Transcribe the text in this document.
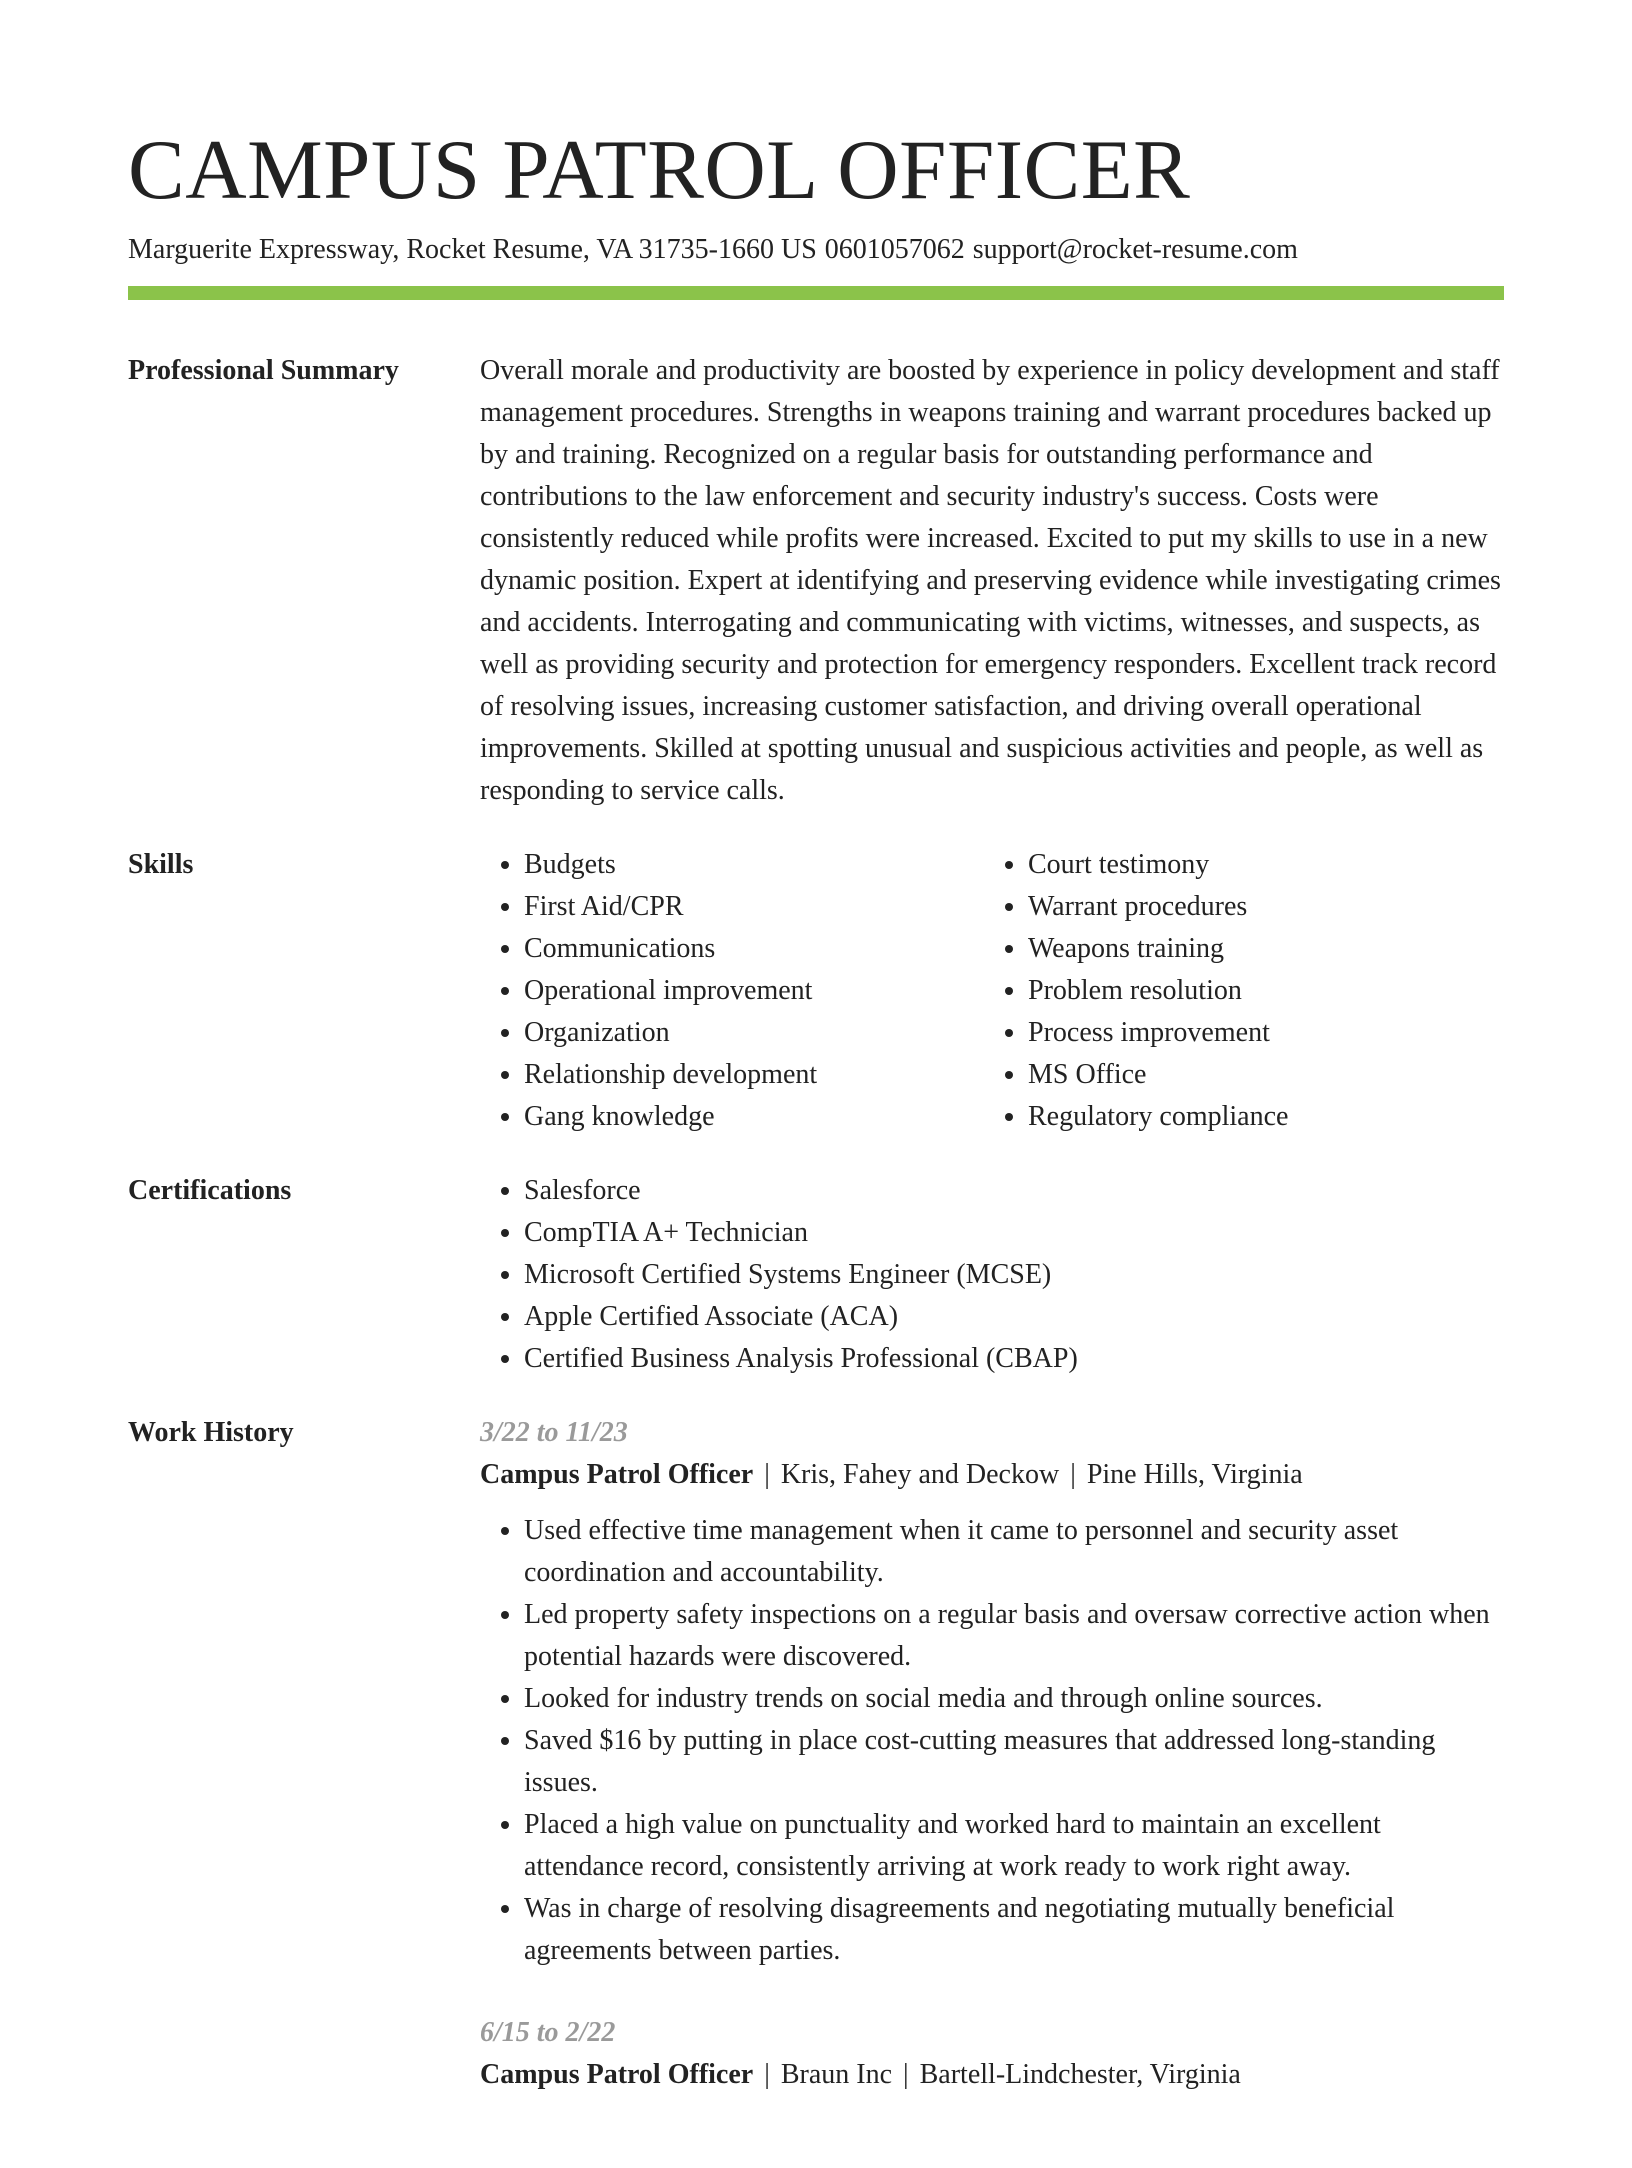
CAMPUS PATROL OFFICER
Marguerite Expressway, Rocket Resume, VA 31735-1660 US 0601057062 support@rocket-resume.com
Professional Summary	Overall morale and productivity are boosted by experience in policy development and staff management procedures. Strengths in weapons training and warrant procedures backed up by and training. Recognized on a regular basis for outstanding performance and contributions to the law enforcement and security industry's success. Costs were consistently reduced while profits were increased. Excited to put my skills to use in a new dynamic position. Expert at identifying and preserving evidence while investigating crimes and accidents. Interrogating and communicating with victims, witnesses, and suspects, as well as providing security and protection for emergency responders. Excellent track record of resolving issues, increasing customer satisfaction, and driving overall operational improvements. Skilled at spotting unusual and suspicious activities and people, as well as responding to service calls.

Skills	• Budgets
• First Aid/CPR
• Communications
• Operational improvement
• Organization
• Relationship development
• Gang knowledge
• Court testimony
• Warrant procedures
• Weapons training
• Problem resolution
• Process improvement
• MS Office
• Regulatory compliance
Certifications	• Salesforce
• CompTIA A+ Technician
• Microsoft Certified Systems Engineer (MCSE)
• Apple Certified Associate (ACA)
• Certified Business Analysis Professional (CBAP)
Work History	3/22 to 11/23
Campus Patrol Officer | Kris, Fahey and Deckow | Pine Hills, Virginia
• Used effective time management when it came to personnel and security asset coordination and accountability.
• Led property safety inspections on a regular basis and oversaw corrective action when potential hazards were discovered.
• Looked for industry trends on social media and through online sources.
• Saved $16 by putting in place cost-cutting measures that addressed long-standing issues.
• Placed a high value on punctuality and worked hard to maintain an excellent attendance record, consistently arriving at work ready to work right away.
• Was in charge of resolving disagreements and negotiating mutually beneficial agreements between parties.
6/15 to 2/22
Campus Patrol Officer | Braun Inc | Bartell-Lindchester, Virginia
